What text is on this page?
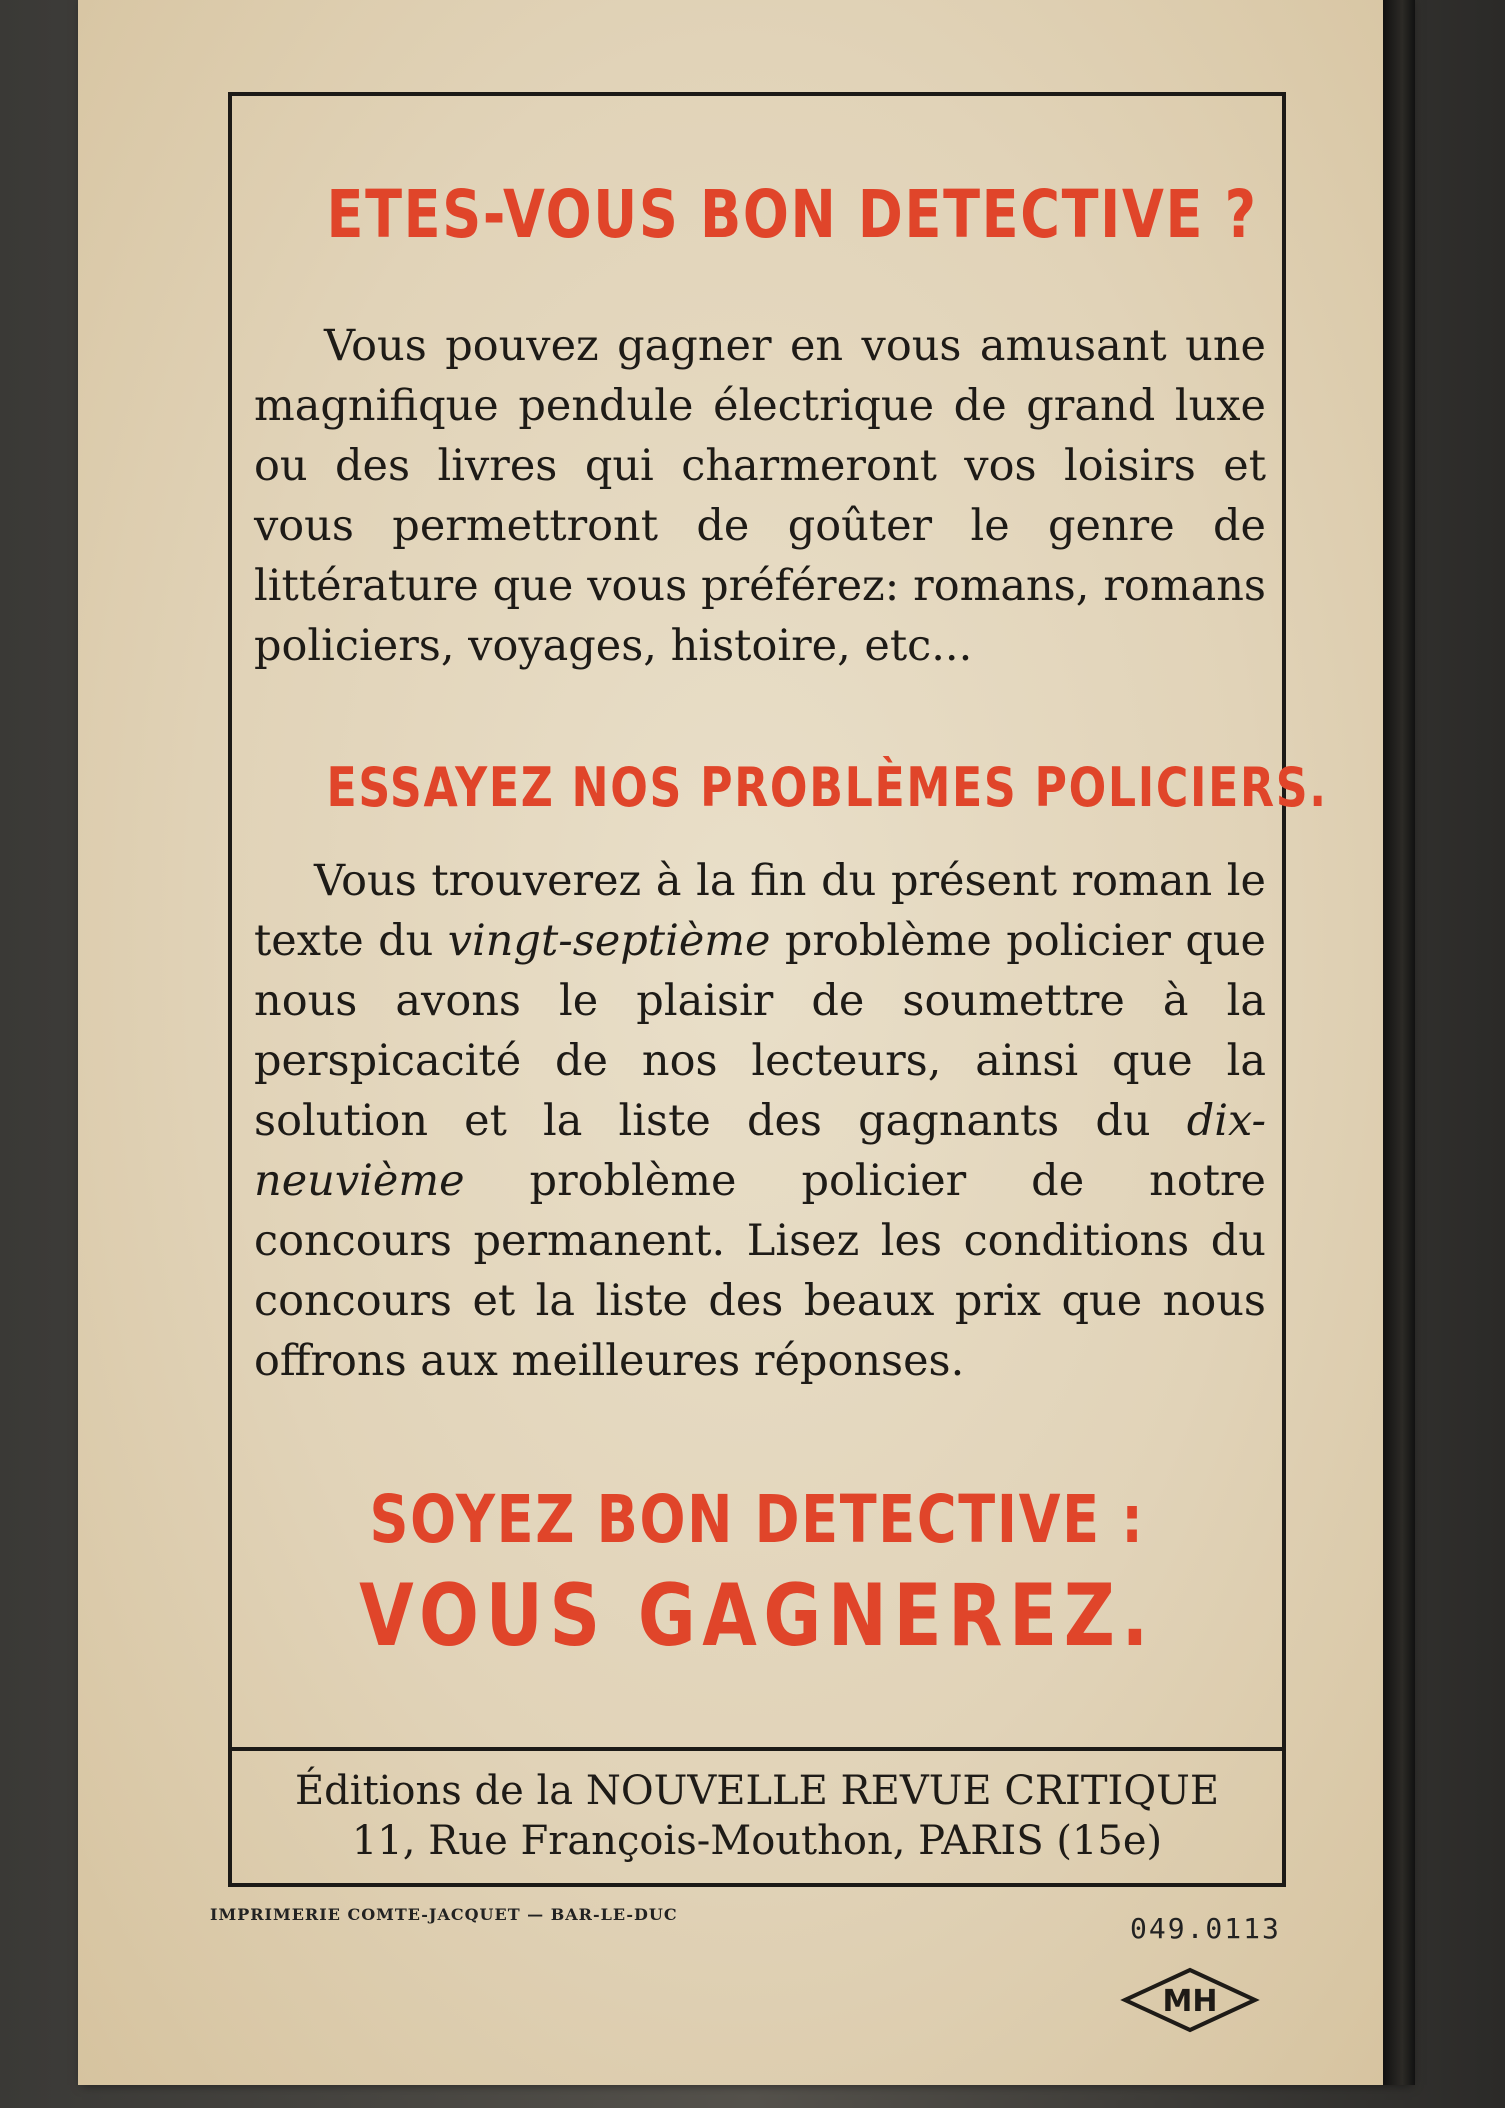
ETES-VOUS BON DETECTIVE ?
Vous pouvez gagner en vous amusant une magnifique pendule électrique de grand luxe ou des livres qui charmeront vos loisirs et vous permettront de goûter le genre de littérature que vous préférez: romans, romans policiers, voyages, histoire, etc...
ESSAYEZ NOS PROBLÈMES POLICIERS.
Vous trouverez à la fin du présent roman le texte du vingt-septième problème policier que nous avons le plaisir de soumettre à la perspicacité de nos lecteurs, ainsi que la solution et la liste des gagnants du dix-neuvième problème policier de notre concours permanent. Lisez les conditions du concours et la liste des beaux prix que nous offrons aux meilleures réponses.
SOYEZ BON DETECTIVE :
VOUS GAGNEREZ.
Éditions de la NOUVELLE REVUE CRITIQUE
11, Rue François-Mouthon, PARIS (15e)
IMPRIMERIE COMTE-JACQUET — BAR-LE-DUC	049.0113
MH
